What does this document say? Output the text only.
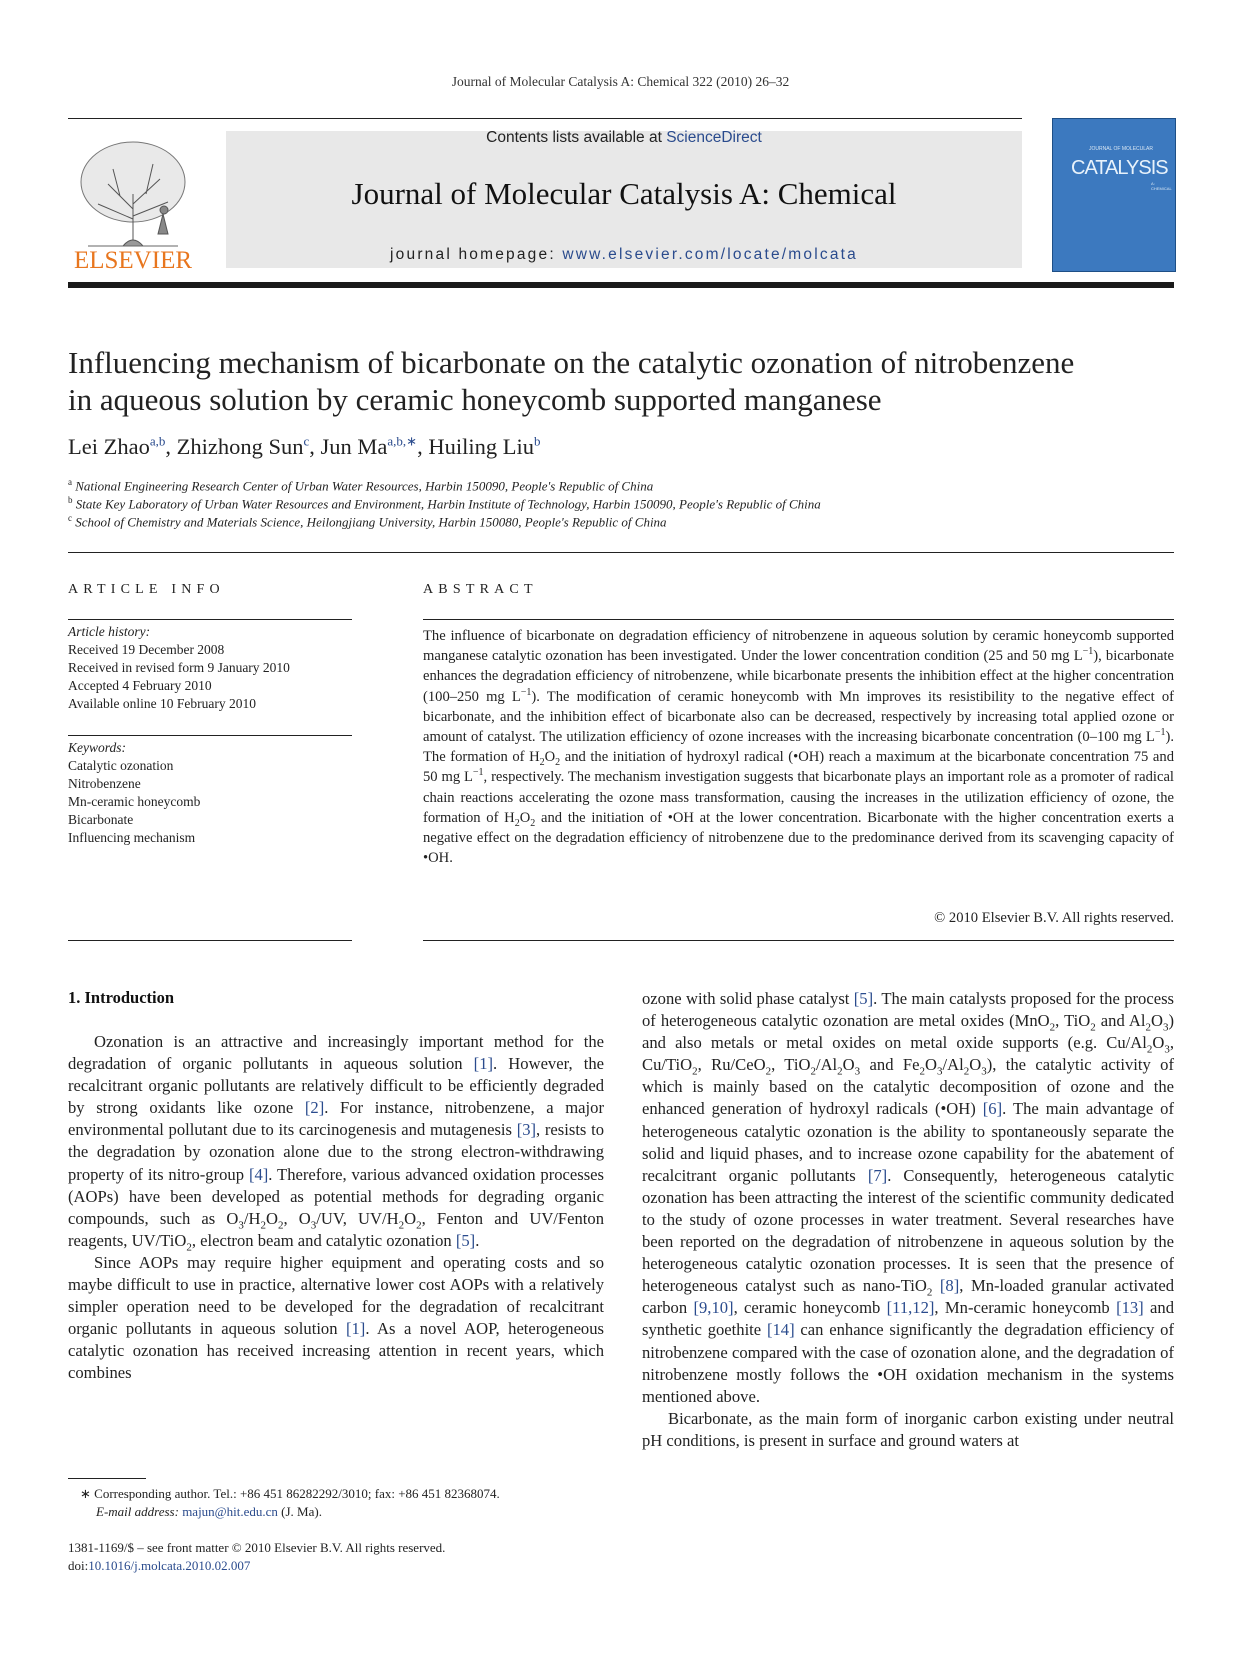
Journal of Molecular Catalysis A: Chemical 322 (2010) 26–32
ELSEVIER
Contents lists available at ScienceDirect
Journal of Molecular Catalysis A: Chemical
journal homepage: www.elsevier.com/locate/molcata
JOURNAL OF MOLECULAR
CATALYSIS
A: CHEMICAL
Influencing mechanism of bicarbonate on the catalytic ozonation of nitrobenzene
in aqueous solution by ceramic honeycomb supported manganese
Lei Zhao$^{a,b}$, Zhizhong Sun$^c$, Jun $Ma^{a,b,∗}$, Huiling Liu$^b$
$^a$ National Engineering Research Center of Urban Water Resources, Harbin 150090, People's Republic of China
$^b$ State Key Laboratory of Urban Water Resources and Environment, Harbin Institute of Technology, Harbin 150090, People's Republic of China
$^c$ School of Chemistry and Materials Science, Heilongjiang University, Harbin 150080, People's Republic of China
ARTICLE INFO
Article history:
Received 19 December 2008
Received in revised form 9 January 2010
Accepted 4 February 2010
Available online 10 February 2010
Keywords:
Catalytic ozonation
Nitrobenzene
Mn-ceramic honeycomb
Bicarbonate
Influencing mechanism
ABSTRACT
The influence of bicarbonate on degradation efficiency of nitrobenzene in aqueous solution by ceramic honeycomb supported manganese catalytic ozonation has been investigated. Under the lower concentration condition (25 and 50 mg $L^{-1}$), bicarbonate enhances the degradation efficiency of nitrobenzene, while bicarbonate presents the inhibition effect at the higher concentration (100–250 mg $L^{-1}$). The modification of ceramic honeycomb with Mn improves its resistibility to the negative effect of bicarbonate, and the inhibition effect of bicarbonate also can be decreased, respectively by increasing total applied ozone or amount of catalyst. The utilization efficiency of ozone increases with the increasing bicarbonate concentration (0–100 mg $L^{-1}$). The formation of $H_2O_2$ and the initiation of hydroxyl radical (•OH) reach a maximum at the bicarbonate concentration 75 and 50 mg $L^{-1}$, respectively. The mechanism investigation suggests that bicarbonate plays an important role as a promoter of radical chain reactions accelerating the ozone mass transformation, causing the increases in the utilization efficiency of ozone, the formation of $H_2O_2$ and the initiation of •OH at the lower concentration. Bicarbonate with the higher concentration exerts a negative effect on the degradation efficiency of nitrobenzene due to the predominance derived from its scavenging capacity of •OH.
© 2010 Elsevier B.V. All rights reserved.
1. Introduction

Ozonation is an attractive and increasingly important method for the degradation of organic pollutants in aqueous solution [1]. However, the recalcitrant organic pollutants are relatively difficult to be efficiently degraded by strong oxidants like ozone [2]. For instance, nitrobenzene, a major environmental pollutant due to its carcinogenesis and mutagenesis [3], resists to the degradation by ozonation alone due to the strong electron-withdrawing property of its nitro-group [4]. Therefore, various advanced oxidation processes (AOPs) have been developed as potential methods for degrading organic compounds, such as $O_3/H_2O_2$, $O_3/UV$, $UV/H_2O_2$, Fenton and UV/Fenton reagents, UV/TiO$_2$, electron beam and catalytic ozonation [5].

Since AOPs may require higher equipment and operating costs and so maybe difficult to use in practice, alternative lower cost AOPs with a relatively simpler operation need to be developed for the degradation of recalcitrant organic pollutants in aqueous solution [1]. As a novel AOP, heterogeneous catalytic ozonation has received increasing attention in recent years, which combines

ozone with solid phase catalyst [5]. The main catalysts proposed for the process of heterogeneous catalytic ozonation are metal oxides (MnO$_2$, TiO$_2$ and $Al_2O_3$) and also metals or metal oxides on metal oxide supports (e.g. $Cu/Al_2O_3$, Cu/TiO$_2$, Ru/CeO$_2$, $TiO_2/Al_2O_3$ and $Fe_2O_3/Al_2O_3$), the catalytic activity of which is mainly based on the catalytic decomposition of ozone and the enhanced generation of hydroxyl radicals (•OH) [6]. The main advantage of heterogeneous catalytic ozonation is the ability to spontaneously separate the solid and liquid phases, and to increase ozone capability for the abatement of recalcitrant organic pollutants [7]. Consequently, heterogeneous catalytic ozonation has been attracting the interest of the scientific community dedicated to the study of ozone processes in water treatment. Several researches have been reported on the degradation of nitrobenzene in aqueous solution by the heterogeneous catalytic ozonation processes. It is seen that the presence of heterogeneous catalyst such as nano-TiO$_2$ [8], Mn-loaded granular activated carbon [9,10], ceramic honeycomb [11,12], Mn-ceramic honeycomb [13] and synthetic goethite [14] can enhance significantly the degradation efficiency of nitrobenzene compared with the case of ozonation alone, and the degradation of nitrobenzene mostly follows the •OH oxidation mechanism in the systems mentioned above.

Bicarbonate, as the main form of inorganic carbon existing under neutral pH conditions, is present in surface and ground waters at

∗ Corresponding author. Tel.: +86 451 86282292/3010; fax: +86 451 82368074.
E-mail address: majun@hit.edu.cn (J. Ma).
1381-1169/$ – see front matter © 2010 Elsevier B.V. All rights reserved.
doi:10.1016/j.molcata.2010.02.007
